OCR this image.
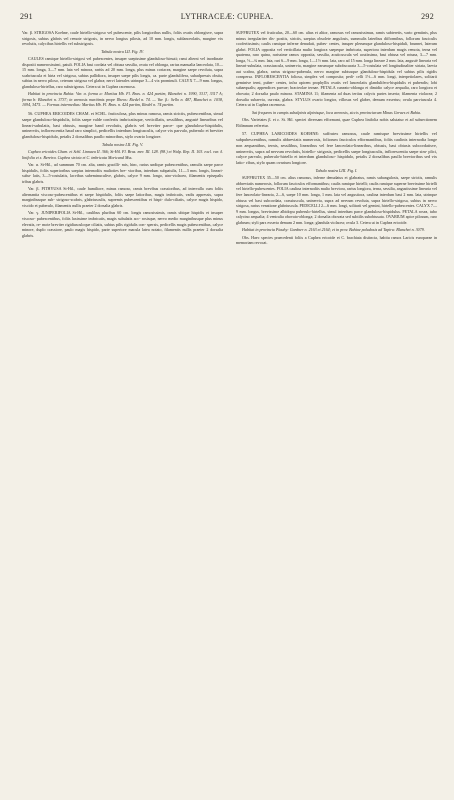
291	LYTHRACEÆ: CUPHEA.	292

Var. β. STRIGOSA Koehne, caule hirtello-strigoso vel pubescente, pilis longioribus nullis, foliis ovatis oblongisve, supra strigosis, subtus glabris vel remote strigosis, in nervo longius pilosis, ad 10 mm. longis, sublanceolatis, margine vix revolutis, calycibus hirtellis vel substrigosis.

Tabula nostra LII. Fig. IV.

CAULES ramique hirtello-strigosi vel pubescentes, insuper saepissime glanduloso-hirsuti; rami alterni vel inordinate dispositi numerosissimi, patuli. FOLIA basi cordata vel obtusa sessilia, ovata vel oblonga, rarius manualia lanceolata, 10—15 mm. longa, 3—7 mm. lata vel minora, rariùs ad 20 mm. longa, plus minus coriacea, margine saepe revoluta, supra scabriuscula et hirta vel strigosa, subtus pallidiora, insuper saepe pilis longis, ca. parte glandulifera, subadpressis obsita, subtus in nervo piloso, ceterum strigosa vel glabra; nervi laterales utrinque 3—4 vix prominuli. CALYX 7—9 mm. longus, glanduloso-hirtellus, raro substrigosus. Cetera ut in Cuphea racemosa.

Habitat in provincia Bahia: Var. α. forma a: Martius Hb. Fl. Bras. n. 424 partim, Blanchet n. 1990, 3317, 3317 A; forma b: Blanchet n. 3737; in arenosis maritimis prope Ilheos: Riedel n. 74. — Var. β.: Sello n. 487, Blanchet n. 1038, 1094, 3475. — Formas intermedias: Martius Hb. Fl. Bras. n. 424 partim, Riedel n. 74 partim.

56. CUPHEA ERICOIDES CHAM. et SCHL. fruticulosa, plus minus ramosa, ramis strictis, pubescentibus, simul saepe glanduloso-hispidulis, foliis saepe valde confertis imbricatisque, verticillatis, sessilibus, angustè linearibus vel lineari-subulatis, basi obtusis, margine band revolutis, glabris vel breviter parce- que glanduloso-hispidulis, uninerviis, inflorescentia haud raro simplici, pedicellis interdum longiusculis, calyce vix parvulo, puberulo et breviter glanduloso-hispidulo, petalis 2 dorsalibus paullo minoribus, stylo ovario longiore.

Tabula nostra LII. Fig. V.

Cuphea ericoides Cham. et Schl. Linnaea II. 366; St-Hil. Fl. Bras. mer. III. 128. (98.) et Walp. Rep. II. 103. excl. var. δ. linifolia et ε. Bereira. Cuphea stricta et C. imbricata Moricand Mss.

Var. α. St-Hil., ad summum 70 cm. alta, ramis gracilli- mis, hinc, rarius undique pubescentibus, ramulis saepe parce hispidulis, foliis superioribus saepius internodiis multoties bre- vioribus, interdum subpatulis, 11—3 mm. longis, lineari-subu- latis, 3—5-costulatis, lacvibus subeminuculive, glabris, calyce 9 mm. longo, atro-violaceo, filamentis episepalis tribus glabris.

Var. β. PITHYUSA St-Hil., caule humiliore, minus ramoso, ramis brevibus crassioribus, ad intervalla cum foliis alternantia viscoso-pubescentibus et saepe hispidulis, foliis saepe latioribus, magis imbricatis, vadis appressis, supra marginibusque sub- strigoso-scabris, glabriusculis, supremis pubescentibus et hispi- dulo-ciliatis, calyce magis hispido, viscido et puberulo, filamentis nullis praeter 2 dorsalia glabris.

Var. γ. JUNIPERIFOLIA St-Hil., caulibus pluribus 60 cm. longis ramosissimis, ramis ubique hispidis et insuper viscoso- pubescentibus, foliis laxissime imbricatis, magis subulatis acc- rosisque, nervo medio marginibusque plus minus elevatis, re- mote breviter rigidiusculoque ciliatis, subtus pilis rigidulis con- spersis, pedicellis magis pubescentibus, calyce minore, duplo crassiore, paulo magis hispido, parte superiore macula latea notato, filamentis nullis praeter 2 dorsalia glabris.

SUFFRUTEX vel fruticulus, 20—60 cm. altus et altior, ramosus vel ramosissimus, ramis subteretis, vario gemiinis, plus minus irregulariter dis- positis, strictis, saepius obsolete angulosis, summulis lateribus difformibus, follorum fasciculis coofertissimis; caulis ramique inferne denudati, pubes- centes, insuper plerumque glanduloso-hispiduli, brunnei, laterum glabri. FOLIA opposita vel verticillata multo longiora saepeque imbricata, superiora interdum magis remota, terna vel quaterna, raro quina, rarissime ramos opposita, sessilia, acuticuscula vel acutissima, basi obtusa vel rotuna, 3—7 mm. longa, ½—¾ mm. lata, rari 6—9 mm. longa, 1—1½ mm. lata, raro ad 15 mm. longa lineare 2 mm. lata, angustè linearia vel lineari-subulata, crassiuscula, uninervia, margine earumque subobscurata 3—5-costulata vel longitudinaliter striata, laevia aut scabra, glabra, rarius strigoso-puberula, nervo margine subtusque glanduloso-hispidula vel subtus pilis rigidis conspersa. INFLORESCENTIA foliosa, simplex vel composita; pedi- celli 1½—6 mm. longi, interpetiolares, solitarii geminive terni, puber- centes, infra apicem prophyllis ovatis vel lanceolatis glandulifero-hispidulis et pubendis; lobi subaequalis; appendices parvae; bracteolae ternae. PETALA cuneato-oblonga et dimidio calyce aequalia, raro longiora et obovata; 2 dorsalia paulo minora. STAMINA 11; filamenta ad duas tertias calycis partes inserta; filamenta violacea; 2 dorsalia subaevia, curvata, glabra. STYLUS ovario longior, villosus vel glaber, demum exsertus; ovula parviuscula 4. Cetera ut in Cuphea racemosa.

Sat frequens in campis subalpinis alpinisque, loca arenosis, siccis provinciarum Minas Geraes et Bahia.

Obs. Varietates β. et ε. St. Hil. speciei diversam efformant, quae Cuphea linifolia nobis salutatur et ad subsectionem Eblimnum referetur.

57. CUPHEA LARICOIDES KOEHNE: suffrutex ramosus, caule ramisque brevissime hirtellis vel subpubescentibus, ramulis abbreviatis numerosis, foliorum fasciculos efformantibus, foliis caulinis internodia longe non aequantibus, ternis, sessilibus, linearibus vel fere lanceolato-linearibus, obtusis, basi obtusis subcordatisve, uninerviis, supra ad nervum revolutis, hirtello- strigosis, pedicellis saepe longiusculis, inflorescentia saepe sim- plici, calyce parvulo, puberulo-hirtello et interdum glanduloso- hispidulo, petalis 2 dorsalibus paullo brevioribus sed vix latio- ribus, stylo quam ovarium longiore.

Tabula nostra LIII. Fig. I.

SUFFRUTEX 35—50 cm. altus ramosus, inferne denudatus et glabratus, ramis subangulosis, saepe strictis, ramulis abbreviatis numerosis, follorum fasciculos efformantibus; caulis ramique hirtelli; caulis ramique superne brevissime hirtelli vel hirtello-pubescentes. FOLIA caulina internodiis multo breviora, rarius longiora, terna, sessilia, angustissime linearia vel fere lanceolato-linearia, 2—6, saepe 10 mm. longa, 1 mm. lata vel angustiora, caulina interdum basi 2 mm. lata, utrinque obtusa vel basi subcordata, crassiuscula, uninervia, supra ad nervum revoluta, supra hirtello-strigosa, subtus in nervo strigosa, rarius venatione glabriuscula. PEDICELLI 2—6 mm. longi, solitarii vel gemini, hirtello-pubescentes. CALYX 7—9 mm. longus, brevissime albidopu puberulo-hirtellus, simul interdum parce glanduloso-hispidulus. PETALA rosea, tubo calycino aequalia; 4 ventralia obovato-oblonga; 2 dorsalia obovata sed subtilis subobtusata. OVARIUM apice pilosum, raro glabrum; styli pars exserta demum 2 mm. longa; glandula violacea; ovula 3. Cetera ut in Cuphea ericoide.

Habitat in provincia Piauhy: Gardner n. 2163 et 2164; et in prov. Bahiae paludosis ad Tapiru: Blanchet n. 3079.

Obs. Haec species praecedenti foliis a Cuphea ericoide et C. brachiata distincta, habitu ramos Laricis europaeae in memoriam revocat.
